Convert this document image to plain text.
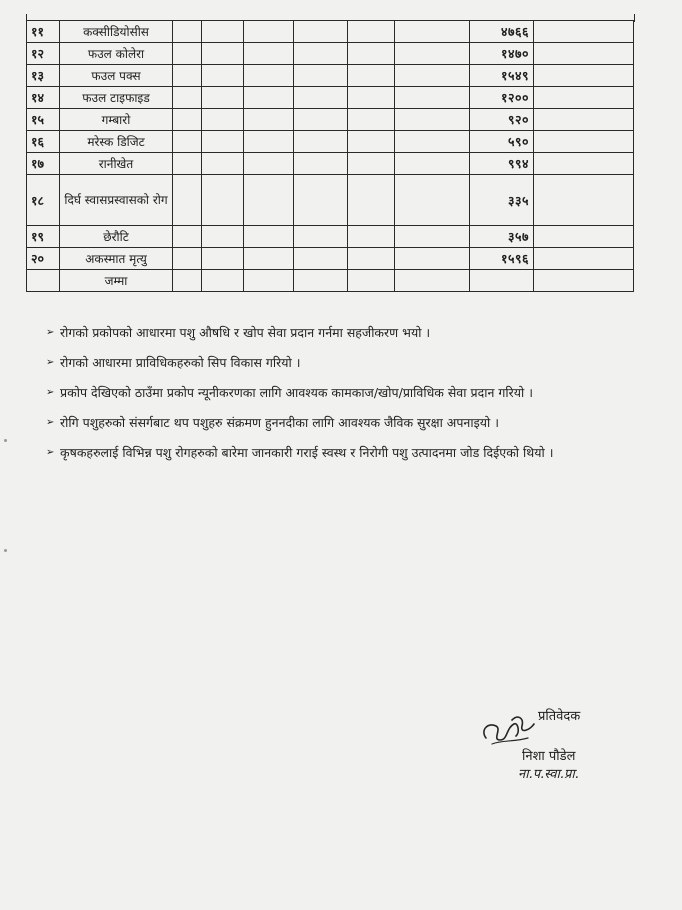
११	कक्सीडियोसीस							४७६६	
१२	फउल कोलेरा							१४७०	
१३	फउल पक्स							१५४९	
१४	फउल टाइफाइड							१२००	
१५	गम्बारो							९२०	
१६	मरेस्क डिजिट							५९०	
१७	रानीखेत							९९४	
१८	दिर्घ स्वासप्रस्वासको रोग							३३५	
१९	छेरौटि							३५७	
२०	अकस्मात मृत्यु							१५९६	
	जम्मा								
➢ रोगको प्रकोपको आधारमा पशु औषधि र खोप सेवा प्रदान गर्नमा सहजीकरण भयो ।
➢ रोगको आधारमा प्राविधिकहरुको सिप विकास गरियो ।
➢ प्रकोप देखिएको ठाउँमा प्रकोप न्यूनीकरणका लागि आवश्यक कामकाज/खोप/प्राविधिक सेवा प्रदान गरियो ।
➢ रोगि पशुहरुको संसर्गबाट थप पशुहरु संक्रमण हुननदीका लागि आवश्यक जैविक सुरक्षा अपनाइयो ।
➢ कृषकहरुलाई विभिन्न पशु रोगहरुको बारेमा जानकारी गराई स्वस्थ र निरोगी पशु उत्पादनमा जोड दिईएको थियो ।
प्रतिवेदक
निशा पौडेल
ना.प.स्वा.प्रा.
